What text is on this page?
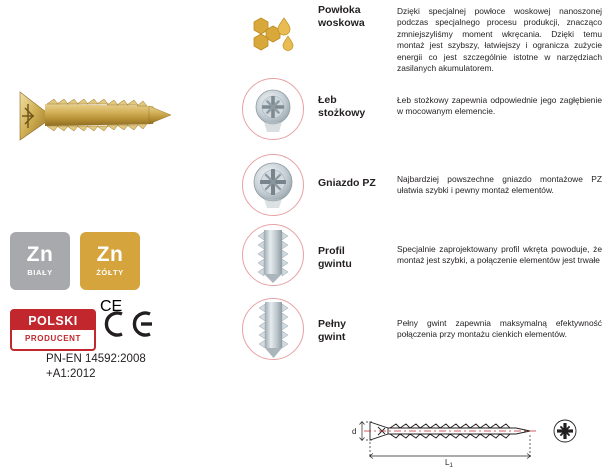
Zn
BIAŁY
Zn
ŻÓŁTY
POLSKI
PRODUCENT
CE
PN-EN 14592:2008
+A1:2012
Powłoka
woskowa
Dzięki specjalnej powłoce woskowej nanoszonej podczas specjalnego procesu produkcji, znacząco zmniejszyliśmy moment wkręcania. Dzięki temu montaż jest szybszy, łatwiejszy i ogranicza zużycie energii co jest szczególnie istotne w narzędziach zasilanych akumulatorem.
Łeb
stożkowy
Łeb stożkowy zapewnia odpowiednie jego zagłębienie w mocowanym elemencie.
Gniazdo PZ	Najbardziej powszechne gniazdo montażowe PZ ułatwia szybki i pewny montaż elementów.
Profil
gwintu
Specjalnie zaprojektowany profil wkręta powoduje, że montaż jest szybki, a połączenie elementów jest trwałe
Pełny
gwint
Pełny gwint zapewnia maksymalną efektywność połączenia przy montażu cienkich elementów.
d
$L_1$
